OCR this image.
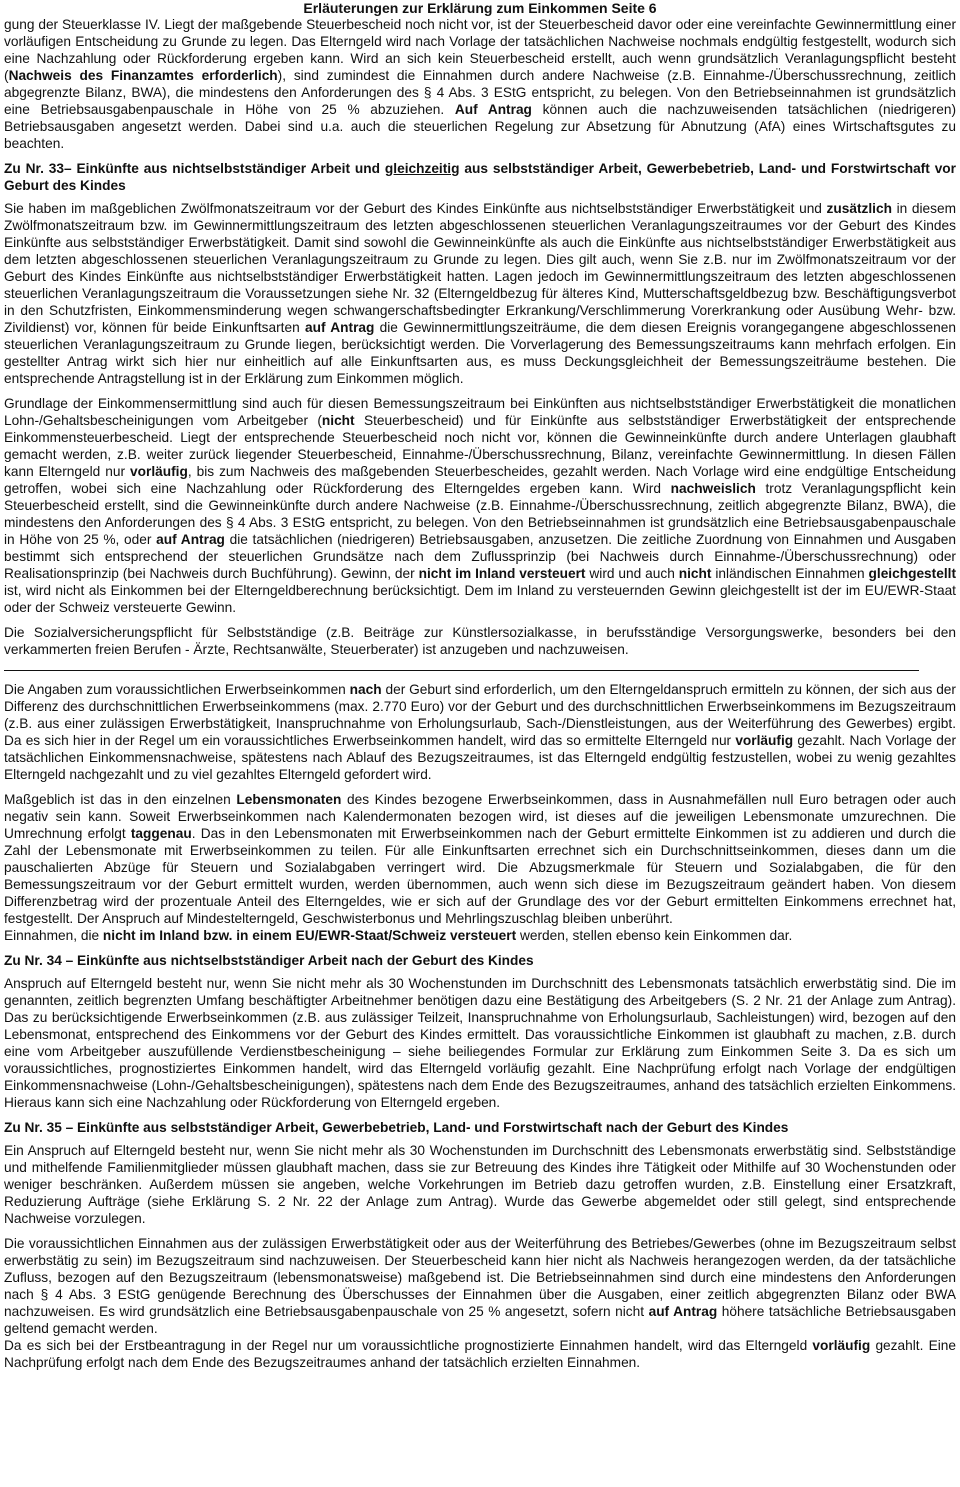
Erläuterungen zur Erklärung zum Einkommen Seite 6

gung der Steuerklasse IV. Liegt der maßgebende Steuerbescheid noch nicht vor, ist der Steuerbescheid davor oder eine vereinfachte Gewinnermittlung einer vorläufigen Entscheidung zu Grunde zu legen. Das Elterngeld wird nach Vorlage der tatsächlichen Nachweise nochmals endgültig festgestellt, wodurch sich eine Nachzahlung oder Rückforderung ergeben kann. Wird an sich kein Steuerbescheid erstellt, auch wenn grundsätzlich Veranlagungspflicht besteht (Nachweis des Finanzamtes erforderlich), sind zumindest die Einnahmen durch andere Nachweise (z.B. Einnahme-/Überschussrechnung, zeitlich abgegrenzte Bilanz, BWA), die mindestens den Anforderungen des § 4 Abs. 3 EStG entspricht, zu belegen. Von den Betriebseinnahmen ist grundsätzlich eine Betriebsausgabenpauschale in Höhe von 25 % abzuziehen. Auf Antrag können auch die nachzuweisenden tatsächlichen (niedrigeren) Betriebsausgaben angesetzt werden. Dabei sind u.a. auch die steuerlichen Regelung zur Absetzung für Abnutzung (AfA) eines Wirtschaftsgutes zu beachten.

Zu Nr. 33– Einkünfte aus nichtselbstständiger Arbeit und gleichzeitig aus selbstständiger Arbeit, Gewerbebetrieb, Land- und Forstwirtschaft vor Geburt des Kindes

Sie haben im maßgeblichen Zwölfmonatszeitraum vor der Geburt des Kindes Einkünfte aus nichtselbstständiger Erwerbstätigkeit und zusätzlich in diesem Zwölfmonatszeitraum bzw. im Gewinnermittlungszeitraum des letzten abgeschlossenen steuerlichen Veranlagungszeitraumes vor der Geburt des Kindes Einkünfte aus selbstständiger Erwerbstätigkeit. Damit sind sowohl die Gewinneinkünfte als auch die Einkünfte aus nichtselbstständiger Erwerbstätigkeit aus dem letzten abgeschlossenen steuerlichen Veranlagungszeitraum zu Grunde zu legen. Dies gilt auch, wenn Sie z.B. nur im Zwölfmonatszeitraum vor der Geburt des Kindes Einkünfte aus nichtselbstständiger Erwerbstätigkeit hatten. Lagen jedoch im Gewinnermittlungszeitraum des letzten abgeschlossenen steuerlichen Veranlagungszeitraum die Voraussetzungen siehe Nr. 32 (Elterngeldbezug für älteres Kind, Mutterschaftsgeldbezug bzw. Beschäftigungsverbot in den Schutzfristen, Einkommensminderung wegen schwangerschaftsbedingter Erkrankung/Verschlimmerung Vorerkrankung oder Ausübung Wehr- bzw. Zivildienst) vor, können für beide Einkunftsarten auf Antrag die Gewinnermittlungszeiträume, die dem diesen Ereignis vorangegangene abgeschlossenen steuerlichen Veranlagungszeitraum zu Grunde liegen, berücksichtigt werden. Die Vorverlagerung des Bemessungszeitraums kann mehrfach erfolgen. Ein gestellter Antrag wirkt sich hier nur einheitlich auf alle Einkunftsarten aus, es muss Deckungsgleichheit der Bemessungszeiträume bestehen. Die entsprechende Antragstellung ist in der Erklärung zum Einkommen möglich.

Grundlage der Einkommensermittlung sind auch für diesen Bemessungszeitraum bei Einkünften aus nichtselbstständiger Erwerbstätigkeit die monatlichen Lohn-/Gehaltsbescheinigungen vom Arbeitgeber (nicht Steuerbescheid) und für Einkünfte aus selbstständiger Erwerbstätigkeit der entsprechende Einkommensteuerbescheid. Liegt der entsprechende Steuerbescheid noch nicht vor, können die Gewinneinkünfte durch andere Unterlagen glaubhaft gemacht werden, z.B. weiter zurück liegender Steuerbescheid, Einnahme-/Überschussrechnung, Bilanz, vereinfachte Gewinnermittlung. In diesen Fällen kann Elterngeld nur vorläufig, bis zum Nachweis des maßgebenden Steuerbescheides, gezahlt werden. Nach Vorlage wird eine endgültige Entscheidung getroffen, wobei sich eine Nachzahlung oder Rückforderung des Elterngeldes ergeben kann. Wird nachweislich trotz Veranlagungspflicht kein Steuerbescheid erstellt, sind die Gewinneinkünfte durch andere Nachweise (z.B. Einnahme-/Überschussrechnung, zeitlich abgegrenzte Bilanz, BWA), die mindestens den Anforderungen des § 4 Abs. 3 EStG entspricht, zu belegen. Von den Betriebseinnahmen ist grundsätzlich eine Betriebsausgabenpauschale in Höhe von 25 %, oder auf Antrag die tatsächlichen (niedrigeren) Betriebsausgaben, anzusetzen. Die zeitliche Zuordnung von Einnahmen und Ausgaben bestimmt sich entsprechend der steuerlichen Grundsätze nach dem Zuflussprinzip (bei Nachweis durch Einnahme-/Überschussrechnung) oder Realisationsprinzip (bei Nachweis durch Buchführung). Gewinn, der nicht im Inland versteuert wird und auch nicht inländischen Einnahmen gleichgestellt ist, wird nicht als Einkommen bei der Elterngeldberechnung berücksichtigt. Dem im Inland zu versteuernden Gewinn gleichgestellt ist der im EU/EWR-Staat oder der Schweiz versteuerte Gewinn.

Die Sozialversicherungspflicht für Selbstständige (z.B. Beiträge zur Künstlersozialkasse, in berufsständige Versorgungswerke, besonders bei den verkammerten freien Berufen - Ärzte, Rechtsanwälte, Steuerberater) ist anzugeben und nachzuweisen.

Die Angaben zum voraussichtlichen Erwerbseinkommen nach der Geburt sind erforderlich, um den Elterngeldanspruch ermitteln zu können, der sich aus der Differenz des durchschnittlichen Erwerbseinkommens (max. 2.770 Euro) vor der Geburt und des durchschnittlichen Erwerbseinkommens im Bezugszeitraum (z.B. aus einer zulässigen Erwerbstätigkeit, Inanspruchnahme von Erholungsurlaub, Sach-/Dienstleistungen, aus der Weiterführung des Gewerbes) ergibt. Da es sich hier in der Regel um ein voraussichtliches Erwerbseinkommen handelt, wird das so ermittelte Elterngeld nur vorläufig gezahlt. Nach Vorlage der tatsächlichen Einkommensnachweise, spätestens nach Ablauf des Bezugszeitraumes, ist das Elterngeld endgültig festzustellen, wobei zu wenig gezahltes Elterngeld nachgezahlt und zu viel gezahltes Elterngeld gefordert wird.

Maßgeblich ist das in den einzelnen Lebensmonaten des Kindes bezogene Erwerbseinkommen, dass in Ausnahmefällen null Euro betragen oder auch negativ sein kann. Soweit Erwerbseinkommen nach Kalendermonaten bezogen wird, ist dieses auf die jeweiligen Lebensmonate umzurechnen. Die Umrechnung erfolgt taggenau. Das in den Lebensmonaten mit Erwerbseinkommen nach der Geburt ermittelte Einkommen ist zu addieren und durch die Zahl der Lebensmonate mit Erwerbseinkommen zu teilen. Für alle Einkunftsarten errechnet sich ein Durchschnittseinkommen, dieses dann um die pauschalierten Abzüge für Steuern und Sozialabgaben verringert wird. Die Abzugsmerkmale für Steuern und Sozialabgaben, die für den Bemessungszeitraum vor der Geburt ermittelt wurden, werden übernommen, auch wenn sich diese im Bezugszeitraum geändert haben. Von diesem Differenzbetrag wird der prozentuale Anteil des Elterngeldes, wie er sich auf der Grundlage des vor der Geburt ermittelten Einkommens errechnet hat, festgestellt. Der Anspruch auf Mindestelterngeld, Geschwisterbonus und Mehrlingszuschlag bleiben unberührt.

Einnahmen, die nicht im Inland bzw. in einem EU/EWR-Staat/Schweiz versteuert werden, stellen ebenso kein Einkommen dar.

Zu Nr. 34 – Einkünfte aus nichtselbstständiger Arbeit nach der Geburt des Kindes

Anspruch auf Elterngeld besteht nur, wenn Sie nicht mehr als 30 Wochenstunden im Durchschnitt des Lebensmonats tatsächlich erwerbstätig sind. Die im genannten, zeitlich begrenzten Umfang beschäftigter Arbeitnehmer benötigen dazu eine Bestätigung des Arbeitgebers (S. 2 Nr. 21 der Anlage zum Antrag). Das zu berücksichtigende Erwerbseinkommen (z.B. aus zulässiger Teilzeit, Inanspruchnahme von Erholungsurlaub, Sachleistungen) wird, bezogen auf den Lebensmonat, entsprechend des Einkommens vor der Geburt des Kindes ermittelt. Das voraussichtliche Einkommen ist glaubhaft zu machen, z.B. durch eine vom Arbeitgeber auszufüllende Verdienstbescheinigung – siehe beiliegendes Formular zur Erklärung zum Einkommen Seite 3. Da es sich um voraussichtliches, prognostiziertes Einkommen handelt, wird das Elterngeld vorläufig gezahlt. Eine Nachprüfung erfolgt nach Vorlage der endgültigen Einkommensnachweise (Lohn-/Gehaltsbescheinigungen), spätestens nach dem Ende des Bezugszeitraumes, anhand des tatsächlich erzielten Einkommens. Hieraus kann sich eine Nachzahlung oder Rückforderung von Elterngeld ergeben.

Zu Nr. 35 – Einkünfte aus selbstständiger Arbeit, Gewerbebetrieb, Land- und Forstwirtschaft nach der Geburt des Kindes

Ein Anspruch auf Elterngeld besteht nur, wenn Sie nicht mehr als 30 Wochenstunden im Durchschnitt des Lebensmonats erwerbstätig sind. Selbstständige und mithelfende Familienmitglieder müssen glaubhaft machen, dass sie zur Betreuung des Kindes ihre Tätigkeit oder Mithilfe auf 30 Wochenstunden oder weniger beschränken. Außerdem müssen sie angeben, welche Vorkehrungen im Betrieb dazu getroffen wurden, z.B. Einstellung einer Ersatzkraft, Reduzierung Aufträge (siehe Erklärung S. 2 Nr. 22 der Anlage zum Antrag). Wurde das Gewerbe abgemeldet oder still gelegt, sind entsprechende Nachweise vorzulegen.

Die voraussichtlichen Einnahmen aus der zulässigen Erwerbstätigkeit oder aus der Weiterführung des Betriebes/Gewerbes (ohne im Bezugszeitraum selbst erwerbstätig zu sein) im Bezugszeitraum sind nachzuweisen. Der Steuerbescheid kann hier nicht als Nachweis herangezogen werden, da der tatsächliche Zufluss, bezogen auf den Bezugszeitraum (lebensmonatsweise) maßgebend ist. Die Betriebseinnahmen sind durch eine mindestens den Anforderungen nach § 4 Abs. 3 EStG genügende Berechnung des Überschusses der Einnahmen über die Ausgaben, einer zeitlich abgegrenzten Bilanz oder BWA nachzuweisen. Es wird grundsätzlich eine Betriebsausgabenpauschale von 25 % angesetzt, sofern nicht auf Antrag höhere tatsächliche Betriebsausgaben geltend gemacht werden.

Da es sich bei der Erstbeantragung in der Regel nur um voraussichtliche prognostizierte Einnahmen handelt, wird das Elterngeld vorläufig gezahlt. Eine Nachprüfung erfolgt nach dem Ende des Bezugszeitraumes anhand der tatsächlich erzielten Einnahmen.
